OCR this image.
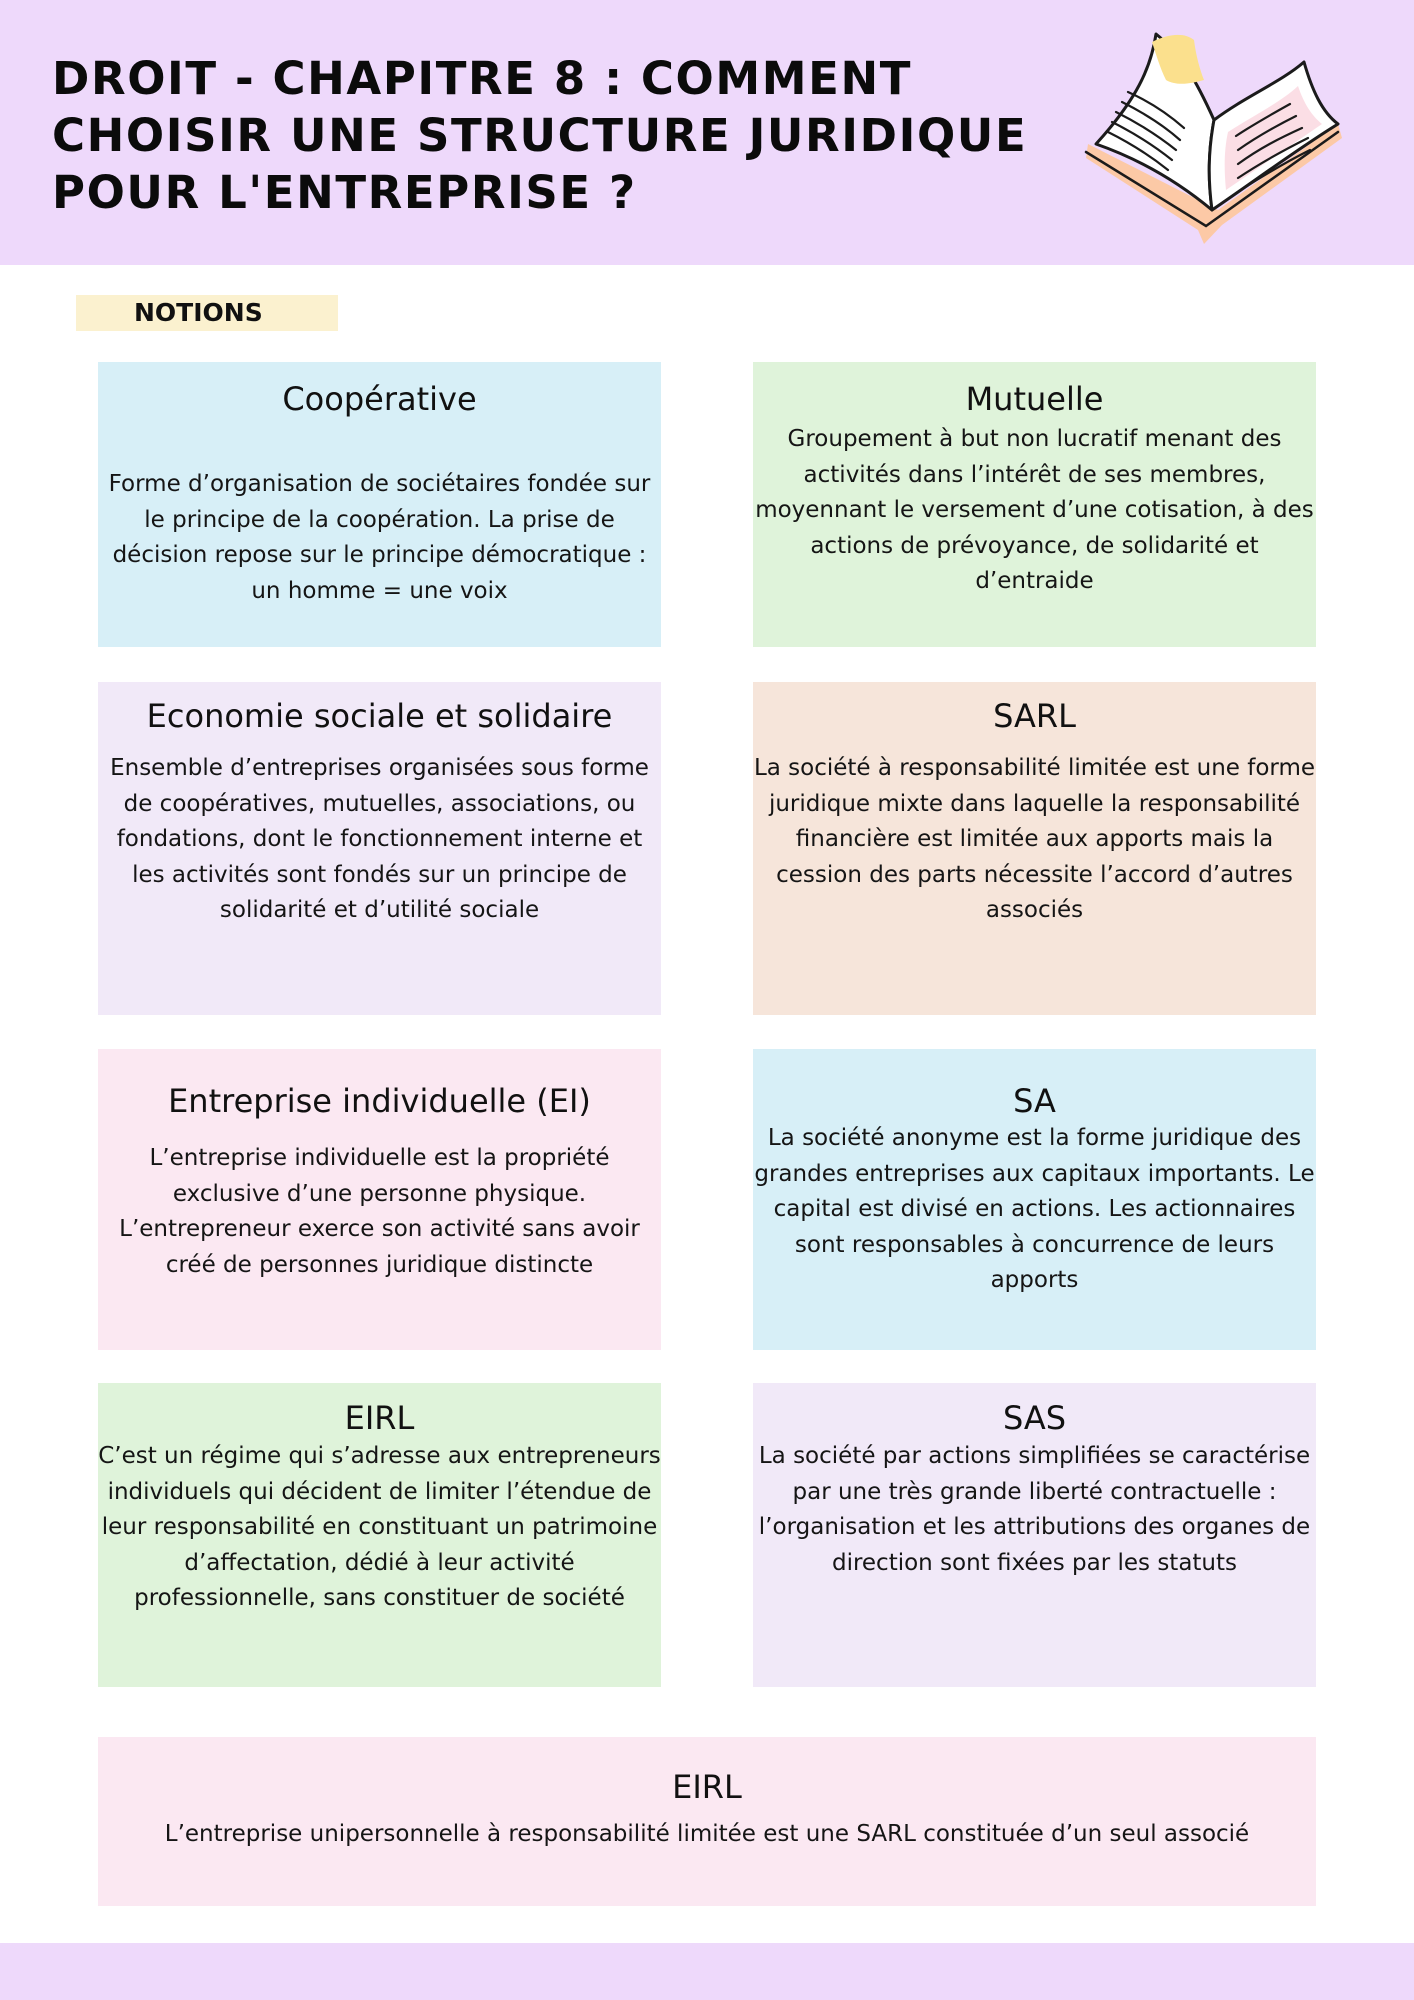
DROIT - CHAPITRE 8 : COMMENT CHOISIR UNE STRUCTURE JURIDIQUE POUR L'ENTREPRISE ?
NOTIONS
Coopérative

Forme d’organisation de sociétaires fondée sur le principe de la coopération. La prise de décision repose sur le principe démocratique : un homme = une voix

Mutuelle

Groupement à but non lucratif menant des activités dans l’intérêt de ses membres, moyennant le versement d’une cotisation, à des actions de prévoyance, de solidarité et d’entraide

Economie sociale et solidaire

Ensemble d’entreprises organisées sous forme de coopératives, mutuelles, associations, ou fondations, dont le fonctionnement interne et les activités sont fondés sur un principe de solidarité et d’utilité sociale

SARL

La société à responsabilité limitée est une forme juridique mixte dans laquelle la responsabilité financière est limitée aux apports mais la cession des parts nécessite l’accord d’autres associés

Entreprise individuelle (EI)

L’entreprise individuelle est la propriété exclusive d’une personne physique. L’entrepreneur exerce son activité sans avoir créé de personnes juridique distincte

SA

La société anonyme est la forme juridique des grandes entreprises aux capitaux importants. Le capital est divisé en actions. Les actionnaires sont responsables à concurrence de leurs apports

EIRL

C’est un régime qui s’adresse aux entrepreneurs individuels qui décident de limiter l’étendue de leur responsabilité en constituant un patrimoine d’affectation, dédié à leur activité professionnelle, sans constituer de société

SAS

La société par actions simplifiées se caractérise par une très grande liberté contractuelle : l’organisation et les attributions des organes de direction sont fixées par les statuts

EIRL

L’entreprise unipersonnelle à responsabilité limitée est une SARL constituée d’un seul associé
